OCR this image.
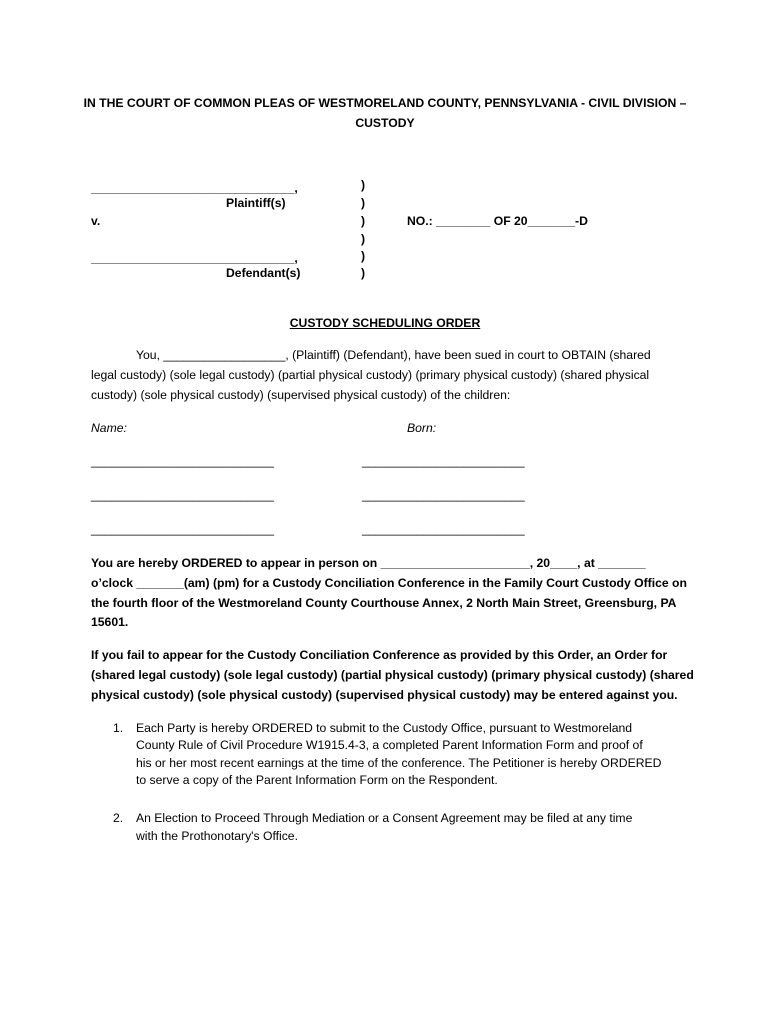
IN THE COURT OF COMMON PLEAS OF WESTMORELAND COUNTY, PENNSYLVANIA - CIVIL DIVISION –
CUSTODY
______________________________,
Plaintiff(s)
v.
______________________________,
Defendant(s)
)
)
)
)
)
)
NO.: ________ OF 20_______-D
CUSTODY SCHEDULING ORDER
You, __________________, (Plaintiff) (Defendant), have been sued in court to OBTAIN (shared
legal custody) (sole legal custody) (partial physical custody) (primary physical custody) (shared physical
custody) (sole physical custody) (supervised physical custody) of the children:
Name:	Born:
___________________________	________________________
___________________________	________________________
___________________________	________________________
You are hereby ORDERED to appear in person on ______________________, 20____, at _______
o’clock _______(am) (pm) for a Custody Conciliation Conference in the Family Court Custody Office on
the fourth floor of the Westmoreland County Courthouse Annex, 2 North Main Street, Greensburg, PA
15601.
If you fail to appear for the Custody Conciliation Conference as provided by this Order, an Order for
(shared legal custody) (sole legal custody) (partial physical custody) (primary physical custody) (shared
physical custody) (sole physical custody) (supervised physical custody) may be entered against you.
1. Each Party is hereby ORDERED to submit to the Custody Office, pursuant to Westmoreland
County Rule of Civil Procedure W1915.4-3, a completed Parent Information Form and proof of
his or her most recent earnings at the time of the conference. The Petitioner is hereby ORDERED
to serve a copy of the Parent Information Form on the Respondent.
2. An Election to Proceed Through Mediation or a Consent Agreement may be filed at any time
with the Prothonotary's Office.
